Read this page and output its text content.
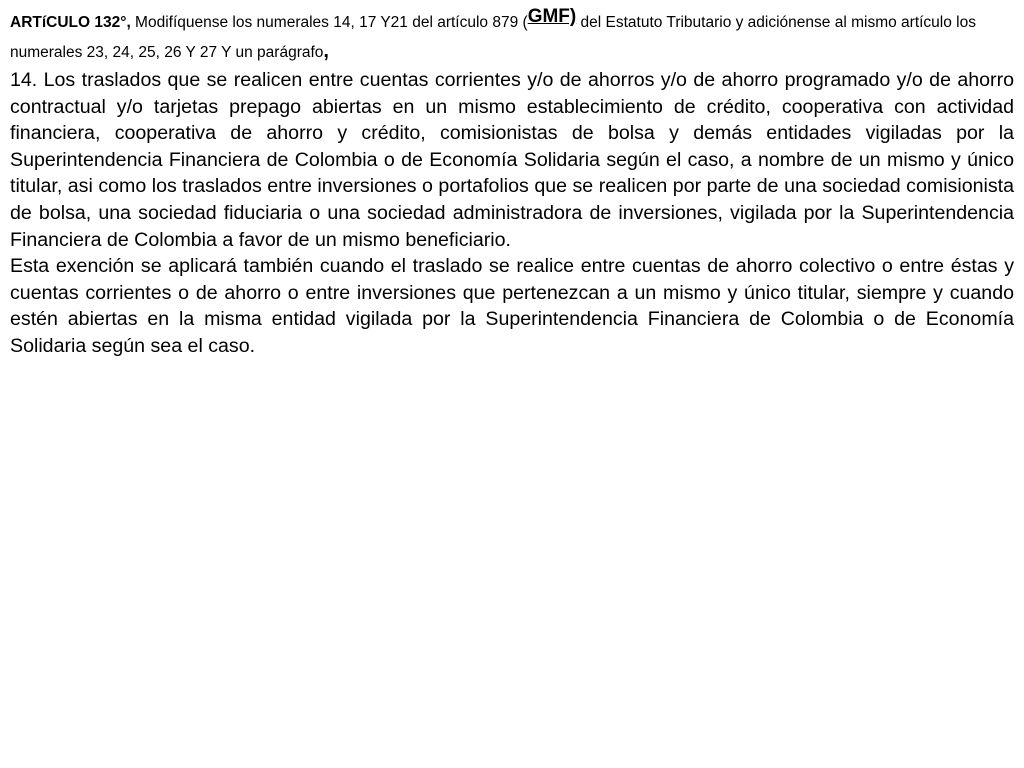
ARTíCULO 132°, Modifíquense los numerales 14, 17 Y21 del artículo 879 (GMF) del Estatuto Tributario y adiciónense al mismo artículo los numerales 23, 24, 25, 26 Y 27 Y un parágrafo,

14. Los traslados que se realicen entre cuentas corrientes y/o de ahorros y/o de ahorro programado y/o de ahorro contractual y/o tarjetas prepago abiertas en un mismo establecimiento de crédito, cooperativa con actividad financiera, cooperativa de ahorro y crédito, comisionistas de bolsa y demás entidades vigiladas por la Superintendencia Financiera de Colombia o de Economía Solidaria según el caso, a nombre de un mismo y único titular, asi como los traslados entre inversiones o portafolios que se realicen por parte de una sociedad comisionista de bolsa, una sociedad fiduciaria o una sociedad administradora de inversiones, vigilada por la Superintendencia Financiera de Colombia a favor de un mismo beneficiario.

Esta exención se aplicará también cuando el traslado se realice entre cuentas de ahorro colectivo o entre éstas y cuentas corrientes o de ahorro o entre inversiones que pertenezcan a un mismo y único titular, siempre y cuando estén abiertas en la misma entidad vigilada por la Superintendencia Financiera de Colombia o de Economía Solidaria según sea el caso.
